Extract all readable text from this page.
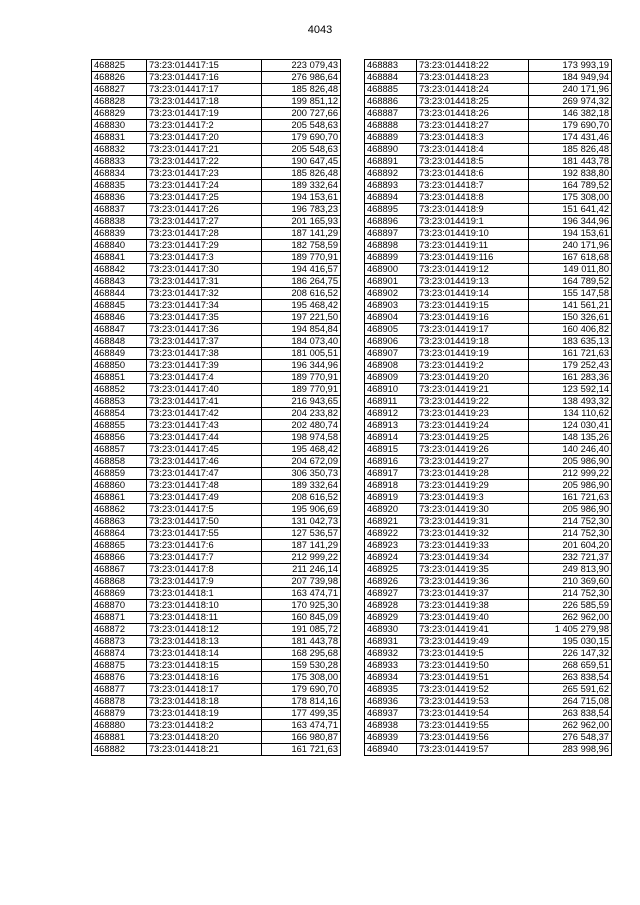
4043
468825	73:23:014417:15	223 079,43
468826	73:23:014417:16	276 986,64
468827	73:23:014417:17	185 826,48
468828	73:23:014417:18	199 851,12
468829	73:23:014417:19	200 727,66
468830	73:23:014417:2	205 548,63
468831	73:23:014417:20	179 690,70
468832	73:23:014417:21	205 548,63
468833	73:23:014417:22	190 647,45
468834	73:23:014417:23	185 826,48
468835	73:23:014417:24	189 332,64
468836	73:23:014417:25	194 153,61
468837	73:23:014417:26	196 783,23
468838	73:23:014417:27	201 165,93
468839	73:23:014417:28	187 141,29
468840	73:23:014417:29	182 758,59
468841	73:23:014417:3	189 770,91
468842	73:23:014417:30	194 416,57
468843	73:23:014417:31	186 264,75
468844	73:23:014417:32	208 616,52
468845	73:23:014417:34	195 468,42
468846	73:23:014417:35	197 221,50
468847	73:23:014417:36	194 854,84
468848	73:23:014417:37	184 073,40
468849	73:23:014417:38	181 005,51
468850	73:23:014417:39	196 344,96
468851	73:23:014417:4	189 770,91
468852	73:23:014417:40	189 770,91
468853	73:23:014417:41	216 943,65
468854	73:23:014417:42	204 233,82
468855	73:23:014417:43	202 480,74
468856	73:23:014417:44	198 974,58
468857	73:23:014417:45	195 468,42
468858	73:23:014417:46	204 672,09
468859	73:23:014417:47	306 350,73
468860	73:23:014417:48	189 332,64
468861	73:23:014417:49	208 616,52
468862	73:23:014417:5	195 906,69
468863	73:23:014417:50	131 042,73
468864	73:23:014417:55	127 536,57
468865	73:23:014417:6	187 141,29
468866	73:23:014417:7	212 999,22
468867	73:23:014417:8	211 246,14
468868	73:23:014417:9	207 739,98
468869	73:23:014418:1	163 474,71
468870	73:23:014418:10	170 925,30
468871	73:23:014418:11	160 845,09
468872	73:23:014418:12	191 085,72
468873	73:23:014418:13	181 443,78
468874	73:23:014418:14	168 295,68
468875	73:23:014418:15	159 530,28
468876	73:23:014418:16	175 308,00
468877	73:23:014418:17	179 690,70
468878	73:23:014418:18	178 814,16
468879	73:23:014418:19	177 499,35
468880	73:23:014418:2	163 474,71
468881	73:23:014418:20	166 980,87
468882	73:23:014418:21	161 721,63
468883	73:23:014418:22	173 993,19
468884	73:23:014418:23	184 949,94
468885	73:23:014418:24	240 171,96
468886	73:23:014418:25	269 974,32
468887	73:23:014418:26	146 382,18
468888	73:23:014418:27	179 690,70
468889	73:23:014418:3	174 431,46
468890	73:23:014418:4	185 826,48
468891	73:23:014418:5	181 443,78
468892	73:23:014418:6	192 838,80
468893	73:23:014418:7	164 789,52
468894	73:23:014418:8	175 308,00
468895	73:23:014418:9	151 641,42
468896	73:23:014419:1	196 344,96
468897	73:23:014419:10	194 153,61
468898	73:23:014419:11	240 171,96
468899	73:23:014419:116	167 618,68
468900	73:23:014419:12	149 011,80
468901	73:23:014419:13	164 789,52
468902	73:23:014419:14	155 147,58
468903	73:23:014419:15	141 561,21
468904	73:23:014419:16	150 326,61
468905	73:23:014419:17	160 406,82
468906	73:23:014419:18	183 635,13
468907	73:23:014419:19	161 721,63
468908	73:23:014419:2	179 252,43
468909	73:23:014419:20	161 283,36
468910	73:23:014419:21	123 592,14
468911	73:23:014419:22	138 493,32
468912	73:23:014419:23	134 110,62
468913	73:23:014419:24	124 030,41
468914	73:23:014419:25	148 135,26
468915	73:23:014419:26	140 246,40
468916	73:23:014419:27	205 986,90
468917	73:23:014419:28	212 999,22
468918	73:23:014419:29	205 986,90
468919	73:23:014419:3	161 721,63
468920	73:23:014419:30	205 986,90
468921	73:23:014419:31	214 752,30
468922	73:23:014419:32	214 752,30
468923	73:23:014419:33	201 604,20
468924	73:23:014419:34	232 721,37
468925	73:23:014419:35	249 813,90
468926	73:23:014419:36	210 369,60
468927	73:23:014419:37	214 752,30
468928	73:23:014419:38	226 585,59
468929	73:23:014419:40	262 962,00
468930	73:23:014419:41	1 405 279,98
468931	73:23:014419:49	195 030,15
468932	73:23:014419:5	226 147,32
468933	73:23:014419:50	268 659,51
468934	73:23:014419:51	263 838,54
468935	73:23:014419:52	265 591,62
468936	73:23:014419:53	264 715,08
468937	73:23:014419:54	263 838,54
468938	73:23:014419:55	262 962,00
468939	73:23:014419:56	276 548,37
468940	73:23:014419:57	283 998,96
